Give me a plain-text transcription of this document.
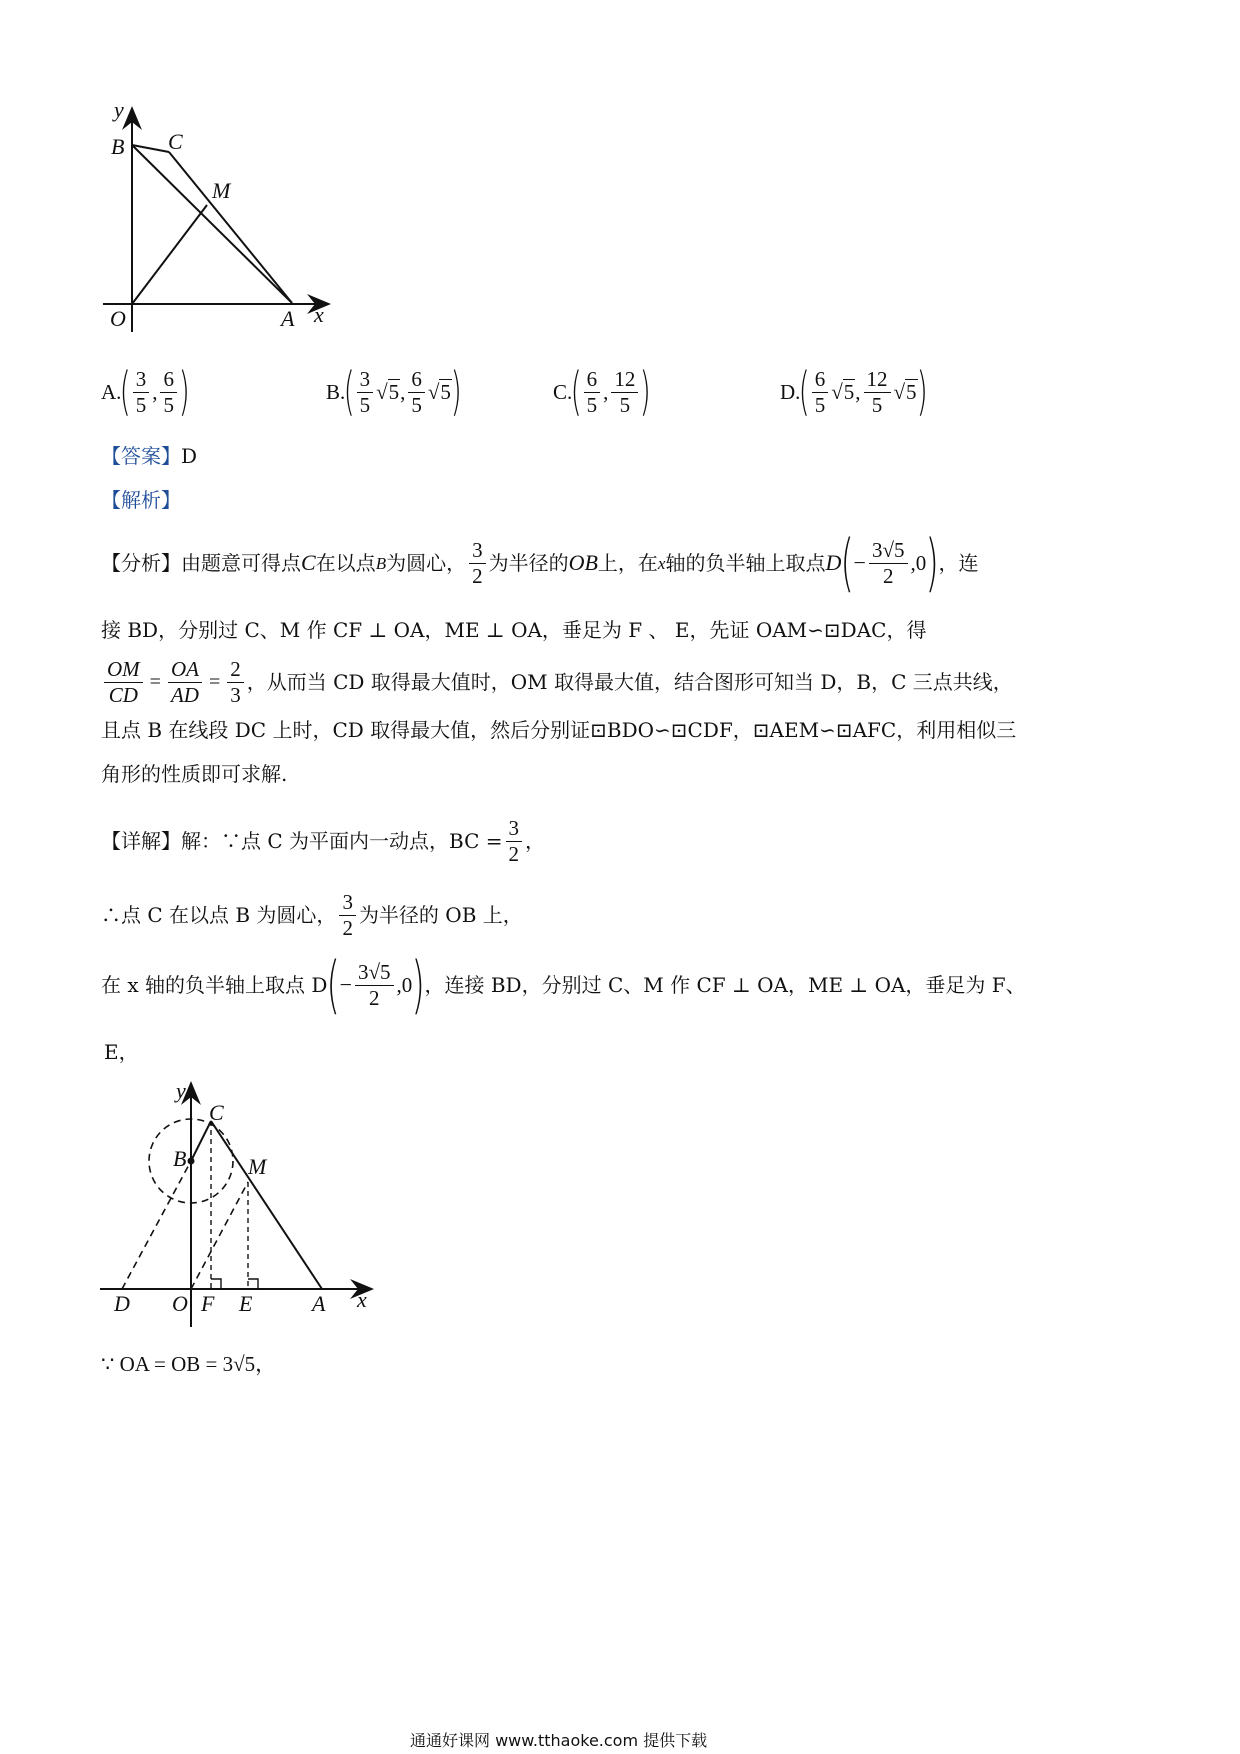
y
B C
M
O	A x
A.
( $\frac{3}{5}$ , $\frac{6}{5}$ )	B.
( $\frac{3}{5}$ √ 5 , $\frac{6}{5}$ √ 5 )	C.
( $\frac{6}{5}$ , $\frac{12}{5}$ )	D.
( $\frac{6}{5}$ √ 5 , $\frac{12}{5}$ √ 5 )
【答案】D
【解析】
【分析】 由题意可得点 C 在以点 B 为圆心， $\frac{3}{2}$ 为半径的 OB 上，在 x 轴的负半轴上取点 D ( − $\frac{3√5}{2} ,0$ ) ，连
接 BD，分别过 C、M 作 CF ⊥ OA，ME ⊥ OA，垂足为 F 、 E，先证 OAM∽⊡DAC，得
$\frac{OM}{CD} = \frac{OA}{AD} = \frac{2}{3}$ ，从而当 CD 取得最大值时，OM 取得最大值，结合图形可知当 D，B，C 三点共线，
且点 B 在线段 DC 上时，CD 取得最大值，然后分别证⊡BDO∽⊡CDF，⊡AEM∽⊡AFC，利用相似三
角形的性质即可求解.
【详解】 解：∵点 C 为平面内一动点，BC = $\frac{3}{2}$ ，
∴点 C 在以点 B 为圆心， $\frac{3}{2}$ 为半径的 OB 上，
在 x 轴的负半轴上取点 D ( − $\frac{3√5}{2} ,0$ ) ，连接 BD，分别过 C、M 作 CF ⊥ OA，ME ⊥ OA，垂足为 F、
E，
y
C
B	M
D O F E	A x
∵ OA = OB = 3√5，
通通好课网 www.tthaoke.com 提供下载
